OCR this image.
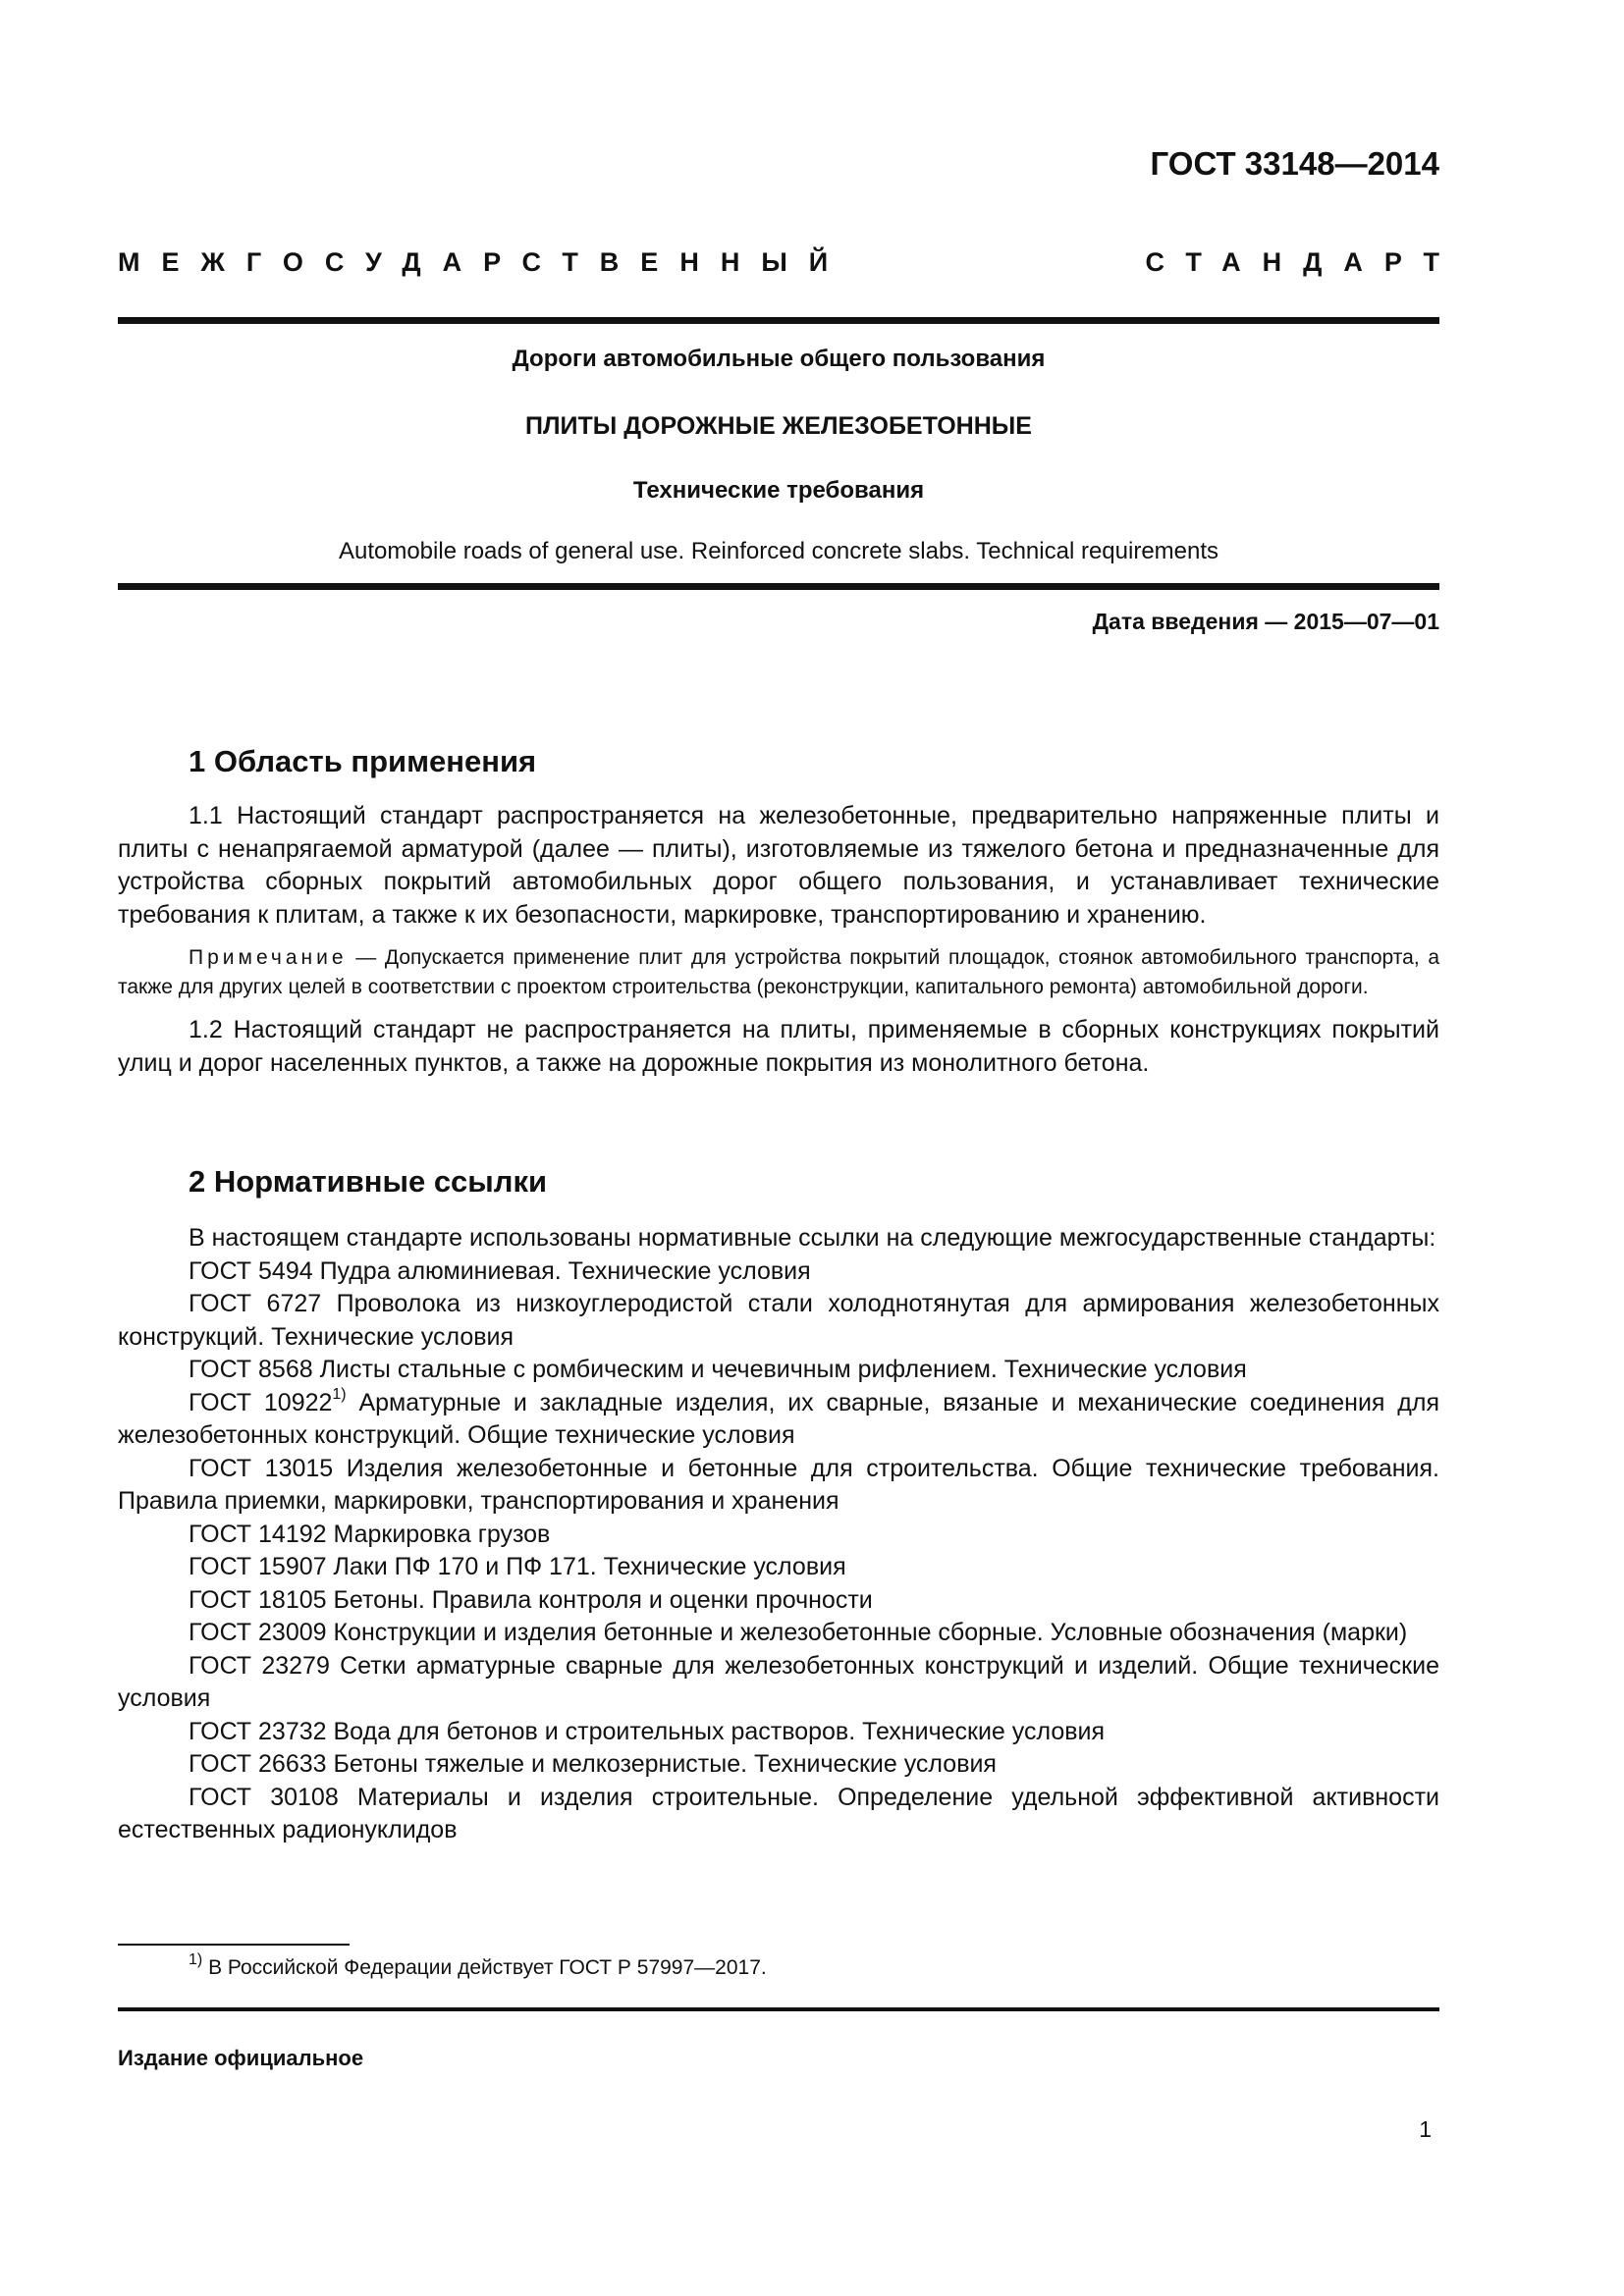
ГОСТ 33148—2014
МЕЖГОСУДАРСТВЕННЫЙ	СТАНДАРТ
Дороги автомобильные общего пользования
ПЛИТЫ ДОРОЖНЫЕ ЖЕЛЕЗОБЕТОННЫЕ
Технические требования
Automobile roads of general use. Reinforced concrete slabs. Technical requirements
Дата введения — 2015—07—01
1 Область применения

1.1 Настоящий стандарт распространяется на железобетонные, предварительно напряженные плиты и плиты с ненапрягаемой арматурой (далее — плиты), изготовляемые из тяжелого бетона и предназначенные для устройства сборных покрытий автомобильных дорог общего пользования, и устанавливает технические требования к плитам, а также к их безопасности, маркировке, транспортированию и хранению.

Примечание — Допускается применение плит для устройства покрытий площадок, стоянок автомобильного транспорта, а также для других целей в соответствии с проектом строительства (реконструкции, капитального ремонта) автомобильной дороги.

1.2 Настоящий стандарт не распространяется на плиты, применяемые в сборных конструкциях покрытий улиц и дорог населенных пунктов, а также на дорожные покрытия из монолитного бетона.

2 Нормативные ссылки

В настоящем стандарте использованы нормативные ссылки на следующие межгосударственные стандарты:

ГОСТ 5494 Пудра алюминиевая. Технические условия

ГОСТ 6727 Проволока из низкоуглеродистой стали холоднотянутая для армирования железобетонных конструкций. Технические условия

ГОСТ 8568 Листы стальные с ромбическим и чечевичным рифлением. Технические условия

ГОСТ 10922$^{1)}$ Арматурные и закладные изделия, их сварные, вязаные и механические соединения для железобетонных конструкций. Общие технические условия

ГОСТ 13015 Изделия железобетонные и бетонные для строительства. Общие технические требования. Правила приемки, маркировки, транспортирования и хранения

ГОСТ 14192 Маркировка грузов

ГОСТ 15907 Лаки ПФ 170 и ПФ 171. Технические условия

ГОСТ 18105 Бетоны. Правила контроля и оценки прочности

ГОСТ 23009 Конструкции и изделия бетонные и железобетонные сборные. Условные обозначения (марки)

ГОСТ 23279 Сетки арматурные сварные для железобетонных конструкций и изделий. Общие технические условия

ГОСТ 23732 Вода для бетонов и строительных растворов. Технические условия

ГОСТ 26633 Бетоны тяжелые и мелкозернистые. Технические условия

ГОСТ 30108 Материалы и изделия строительные. Определение удельной эффективной активности естественных радионуклидов

$^{1)}$ В Российской Федерации действует ГОСТ Р 57997—2017.
Издание официальное
1
